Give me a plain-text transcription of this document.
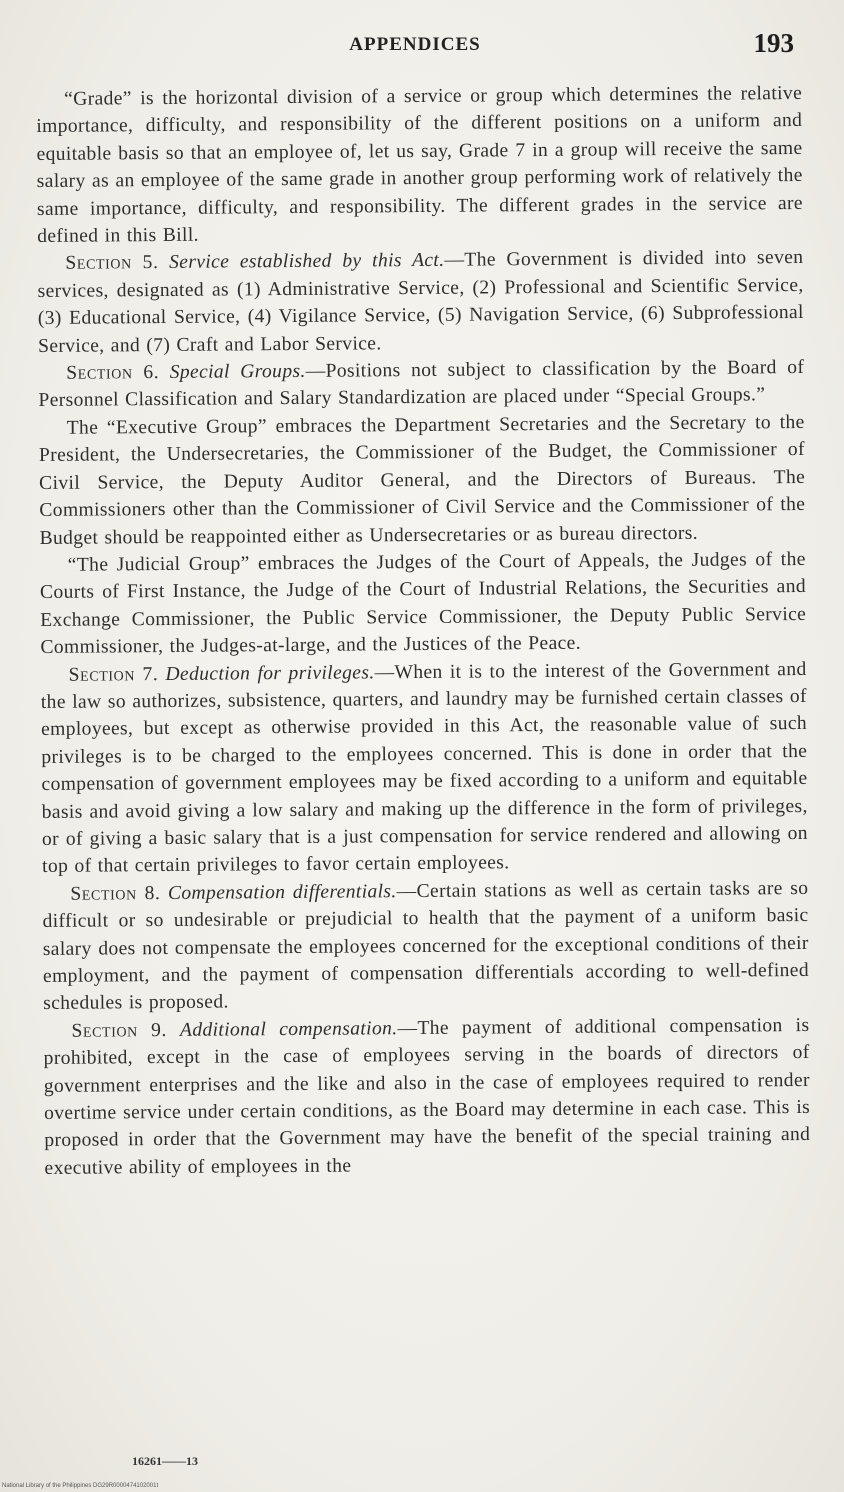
APPENDICES	193

“Grade” is the horizontal division of a service or group which determines the relative importance, difficulty, and responsibility of the different positions on a uniform and equitable basis so that an employee of, let us say, Grade 7 in a group will receive the same salary as an employee of the same grade in another group performing work of relatively the same importance, difficulty, and responsibility. The different grades in the service are defined in this Bill.

Section 5. Service established by this Act.—The Government is divided into seven services, designated as (1) Administrative Service, (2) Professional and Scientific Service, (3) Educational Service, (4) Vigilance Service, (5) Navigation Service, (6) Subprofessional Service, and (7) Craft and Labor Service.

Section 6. Special Groups.—Positions not subject to classification by the Board of Personnel Classification and Salary Standardization are placed under “Special Groups.”

The “Executive Group” embraces the Department Secretaries and the Secretary to the President, the Undersecretaries, the Commissioner of the Budget, the Commissioner of Civil Service, the Deputy Auditor General, and the Directors of Bureaus. The Commissioners other than the Commissioner of Civil Service and the Commissioner of the Budget should be reappointed either as Undersecretaries or as bureau directors.

“The Judicial Group” embraces the Judges of the Court of Appeals, the Judges of the Courts of First Instance, the Judge of the Court of Industrial Relations, the Securities and Exchange Commissioner, the Public Service Commissioner, the Deputy Public Service Commissioner, the Judges-at-large, and the Justices of the Peace.

Section 7. Deduction for privileges.—When it is to the interest of the Government and the law so authorizes, subsistence, quarters, and laundry may be furnished certain classes of employees, but except as otherwise provided in this Act, the reasonable value of such privileges is to be charged to the employees concerned. This is done in order that the compensation of government employees may be fixed according to a uniform and equitable basis and avoid giving a low salary and making up the difference in the form of privileges, or of giving a basic salary that is a just compensation for service rendered and allowing on top of that certain privileges to favor certain employees.

Section 8. Compensation differentials.—Certain stations as well as certain tasks are so difficult or so undesirable or prejudicial to health that the payment of a uniform basic salary does not compensate the employees concerned for the exceptional conditions of their employment, and the payment of compensation differentials according to well-defined schedules is proposed.

Section 9. Additional compensation.—The payment of additional compensation is prohibited, except in the case of employees serving in the boards of directors of government enterprises and the like and also in the case of employees required to render overtime service under certain conditions, as the Board may determine in each case. This is proposed in order that the Government may have the benefit of the special training and executive ability of employees in the

16261——13
National Library of the Philippines DG29R0000474102001t
